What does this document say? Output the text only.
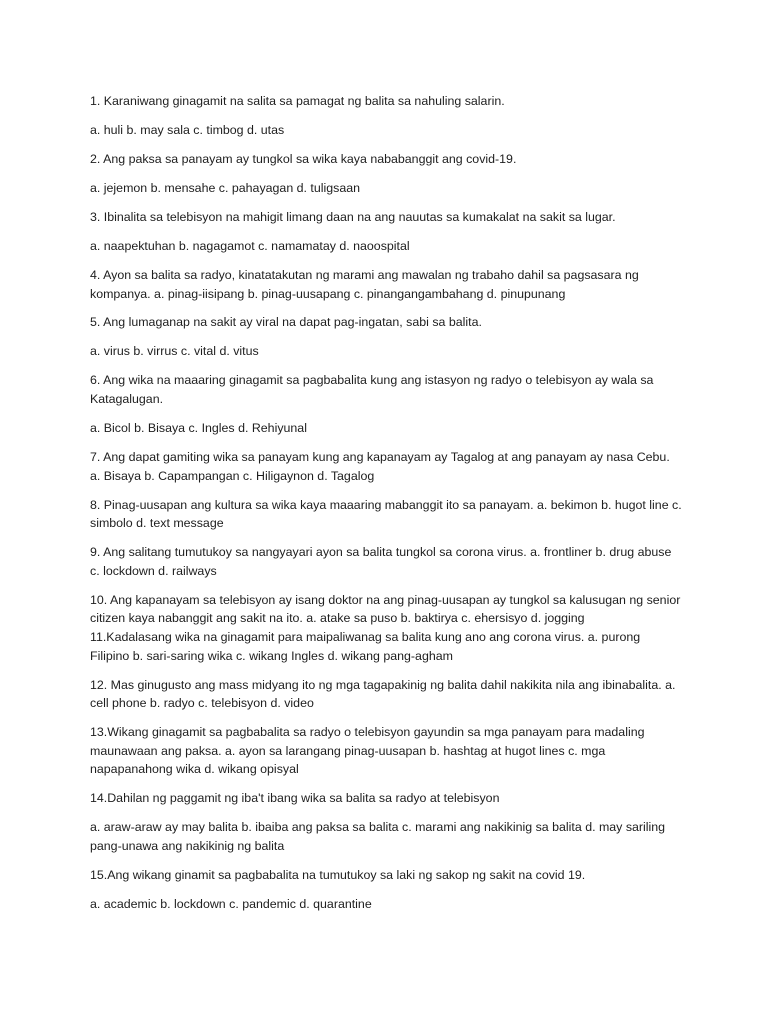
1. Karaniwang ginagamit na salita sa pamagat ng balita sa nahuling salarin.

a. huli b. may sala c. timbog d. utas

2. Ang paksa sa panayam ay tungkol sa wika kaya nababanggit ang covid-19.

a. jejemon b. mensahe c. pahayagan d. tuligsaan

3. Ibinalita sa telebisyon na mahigit limang daan na ang nauutas sa kumakalat na sakit sa lugar.

a. naapektuhan b. nagagamot c. namamatay d. naoospital

4. Ayon sa balita sa radyo, kinatatakutan ng marami ang mawalan ng trabaho dahil sa pagsasara ng kompanya. a. pinag-iisipang b. pinag-uusapang c. pinangangambahang d. pinupunang

5. Ang lumaganap na sakit ay viral na dapat pag-ingatan, sabi sa balita.

a. virus b. virrus c. vital d. vitus

6. Ang wika na maaaring ginagamit sa pagbabalita kung ang istasyon ng radyo o telebisyon ay wala sa Katagalugan.

a. Bicol b. Bisaya c. Ingles d. Rehiyunal

7. Ang dapat gamiting wika sa panayam kung ang kapanayam ay Tagalog at ang panayam ay nasa Cebu. a. Bisaya b. Capampangan c. Hiligaynon d. Tagalog

8. Pinag-uusapan ang kultura sa wika kaya maaaring mabanggit ito sa panayam. a. bekimon b. hugot line c. simbolo d. text message

9. Ang salitang tumutukoy sa nangyayari ayon sa balita tungkol sa corona virus. a. frontliner b. drug abuse c. lockdown d. railways

10. Ang kapanayam sa telebisyon ay isang doktor na ang pinag-uusapan ay tungkol sa kalusugan ng senior citizen kaya nabanggit ang sakit na ito. a. atake sa puso b. baktirya c. ehersisyo d. jogging

11.Kadalasang wika na ginagamit para maipaliwanag sa balita kung ano ang corona virus. a. purong Filipino b. sari-saring wika c. wikang Ingles d. wikang pang-agham

12. Mas ginugusto ang mass midyang ito ng mga tagapakinig ng balita dahil nakikita nila ang ibinabalita. a. cell phone b. radyo c. telebisyon d. video

13.Wikang ginagamit sa pagbabalita sa radyo o telebisyon gayundin sa mga panayam para madaling maunawaan ang paksa. a. ayon sa larangang pinag-uusapan b. hashtag at hugot lines c. mga napapanahong wika d. wikang opisyal

14.Dahilan ng paggamit ng iba't ibang wika sa balita sa radyo at telebisyon

a. araw-araw ay may balita b. ibaiba ang paksa sa balita c. marami ang nakikinig sa balita d. may sariling pang-unawa ang nakikinig ng balita

15.Ang wikang ginamit sa pagbabalita na tumutukoy sa laki ng sakop ng sakit na covid 19.

a. academic b. lockdown c. pandemic d. quarantine
